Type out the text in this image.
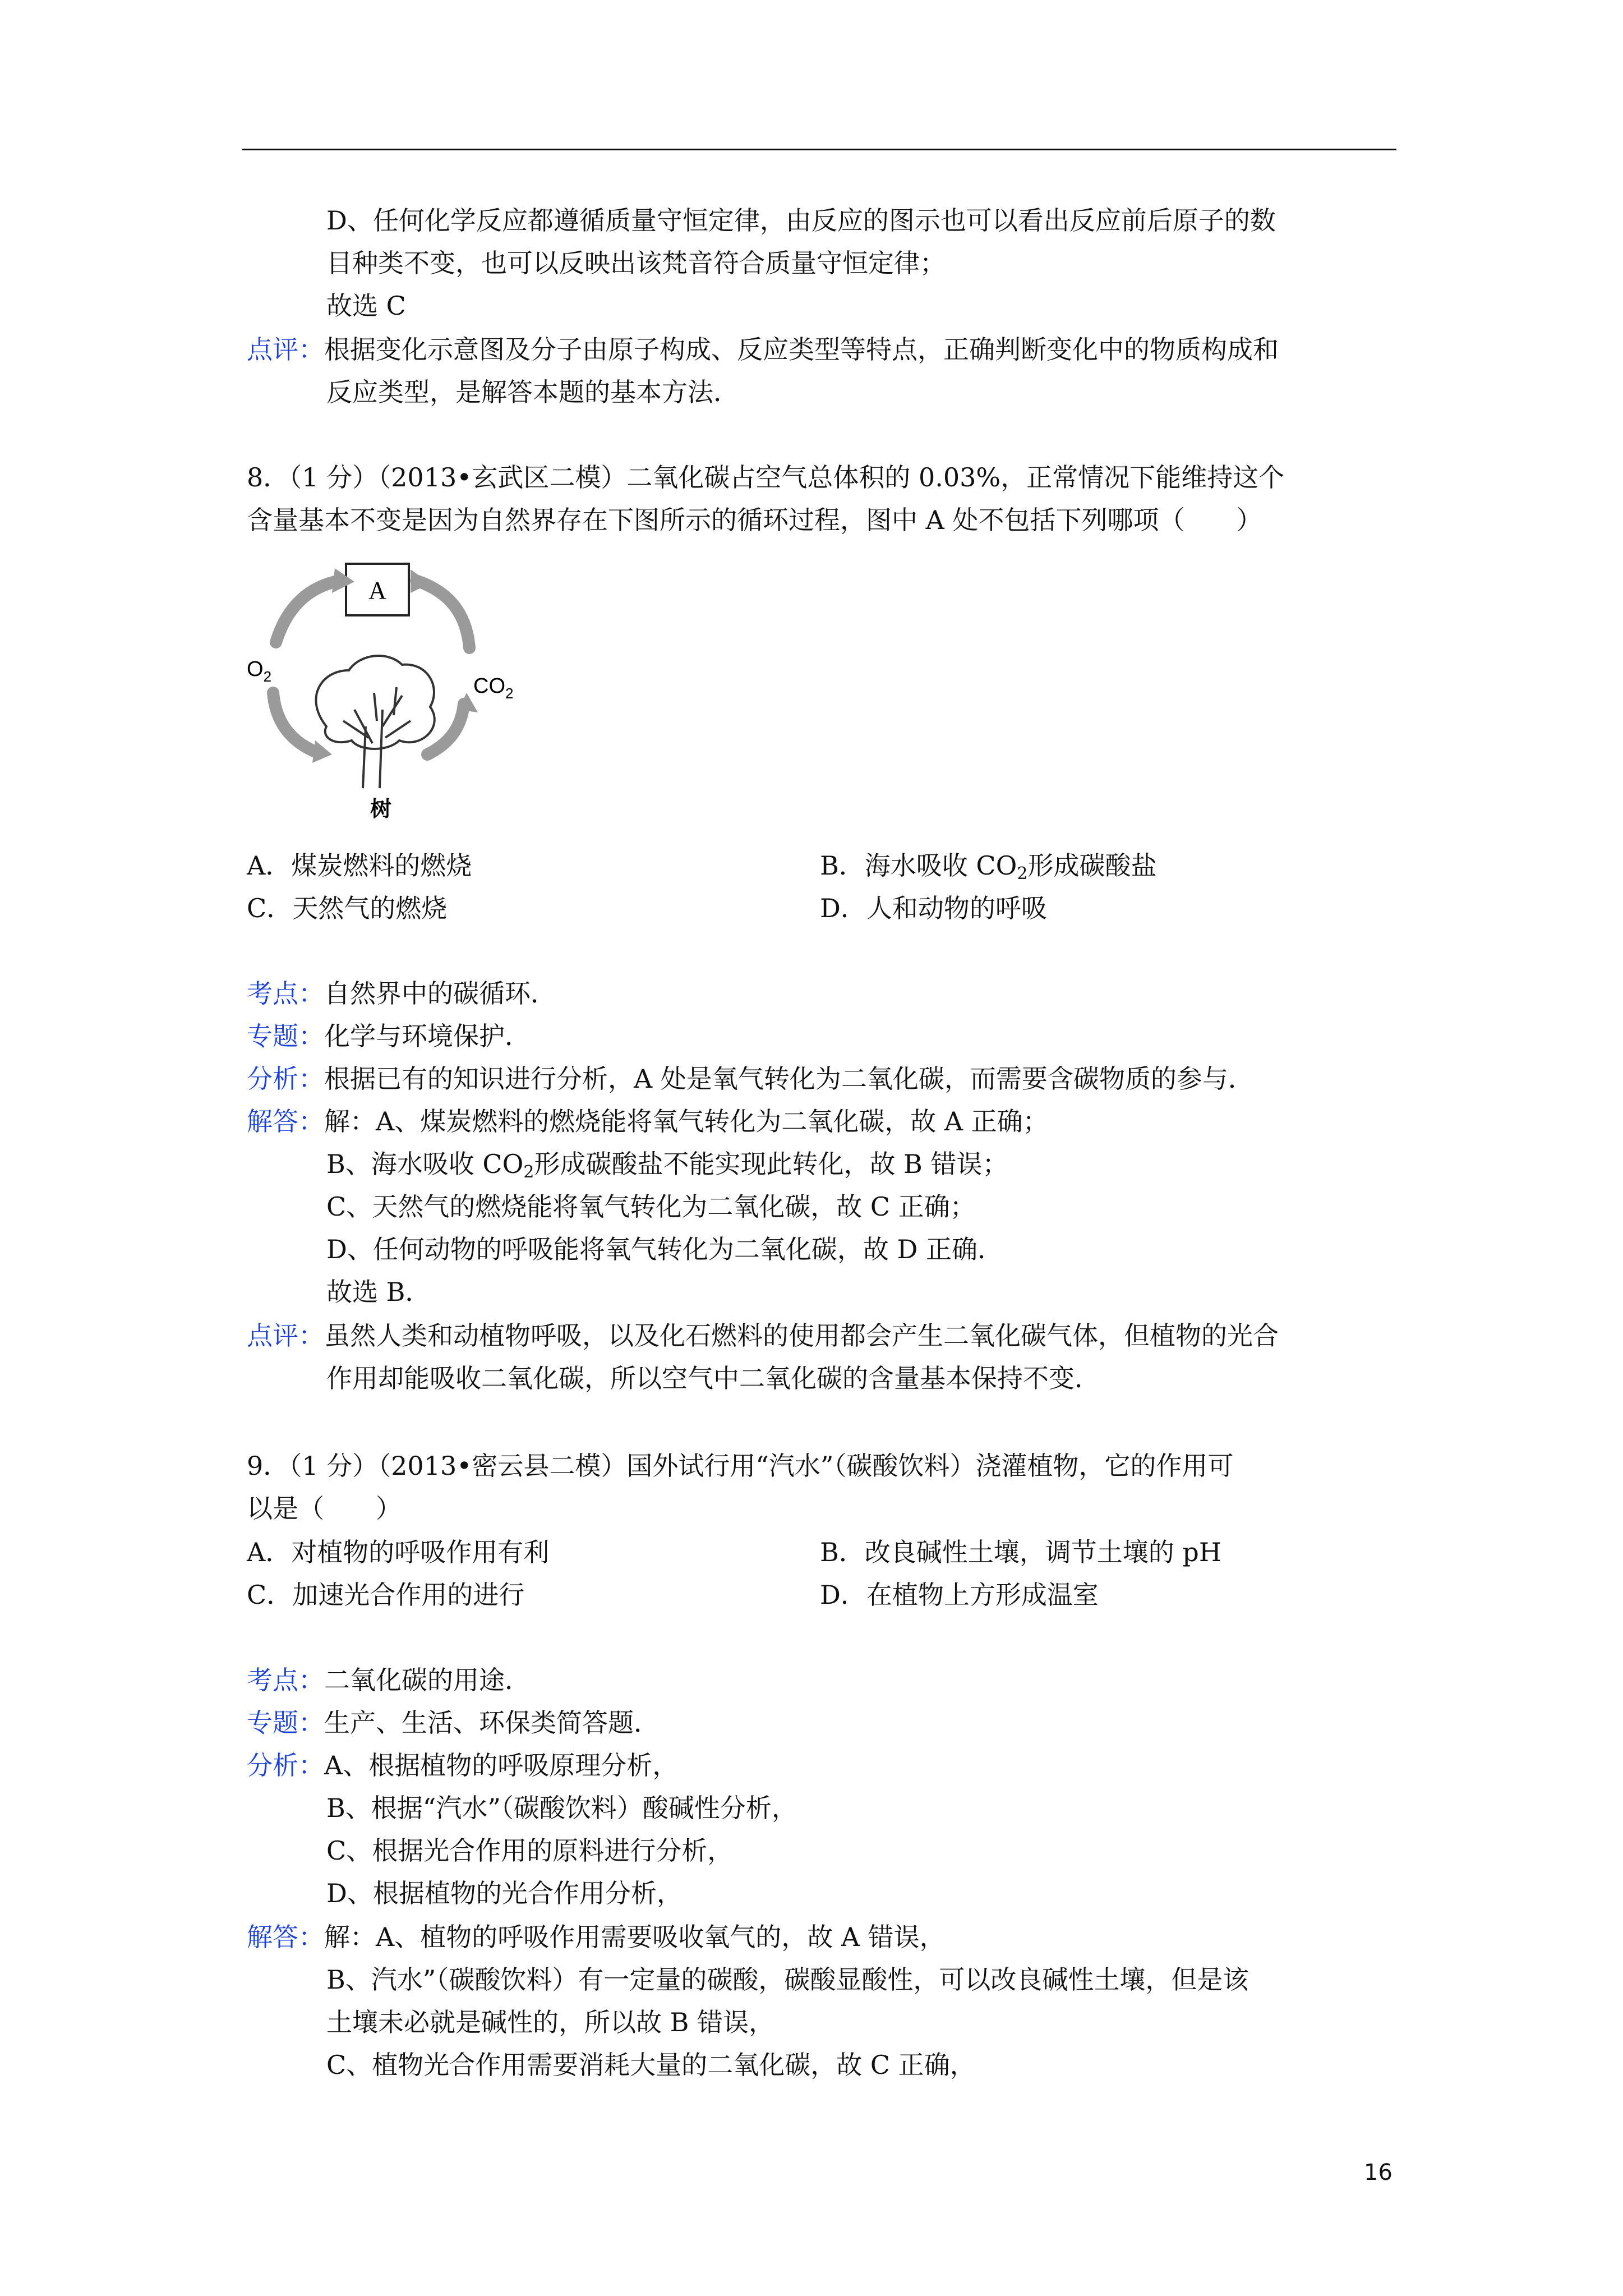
D、任何化学反应都遵循质量守恒定律，由反应的图示也可以看出反应前后原子的数
目种类不变，也可以反映出该梵音符合质量守恒定律；
故选 C
点评：根据变化示意图及分子由原子构成、反应类型等特点，正确判断变化中的物质构成和
反应类型，是解答本题的基本方法．
8．（1 分）（2013•玄武区二模）二氧化碳占空气总体积的 0.03%，正常情况下能维持这个
含量基本不变是因为自然界存在下图所示的循环过程，图中 A 处不包括下列哪项（　　）
A
$O_2$	$CO_2$
树
A．煤炭燃料的燃烧	B．海水吸收 $CO_2$形成碳酸盐
C．天然气的燃烧	D．人和动物的呼吸
考点：自然界中的碳循环．
专题：化学与环境保护．
分析：根据已有的知识进行分析，A 处是氧气转化为二氧化碳，而需要含碳物质的参与．
解答：解：A、煤炭燃料的燃烧能将氧气转化为二氧化碳，故 A 正确；
B、海水吸收 $CO_2$形成碳酸盐不能实现此转化，故 B 错误；
C、天然气的燃烧能将氧气转化为二氧化碳，故 C 正确；
D、任何动物的呼吸能将氧气转化为二氧化碳，故 D 正确．
故选 B．
点评：虽然人类和动植物呼吸，以及化石燃料的使用都会产生二氧化碳气体，但植物的光合
作用却能吸收二氧化碳，所以空气中二氧化碳的含量基本保持不变．
9．（1 分）（2013•密云县二模）国外试行用“汽水”（碳酸饮料）浇灌植物，它的作用可
以是（　　）
A．对植物的呼吸作用有利	B．改良碱性土壤，调节土壤的 pH
C．加速光合作用的进行	D．在植物上方形成温室
考点：二氧化碳的用途．
专题：生产、生活、环保类简答题．
分析：A、根据植物的呼吸原理分析，
B、根据“汽水”（碳酸饮料）酸碱性分析，
C、根据光合作用的原料进行分析，
D、根据植物的光合作用分析，
解答：解：A、植物的呼吸作用需要吸收氧气的，故 A 错误，
B、汽水”（碳酸饮料）有一定量的碳酸，碳酸显酸性，可以改良碱性土壤，但是该
土壤未必就是碱性的，所以故 B 错误，
C、植物光合作用需要消耗大量的二氧化碳，故 C 正确，
16
